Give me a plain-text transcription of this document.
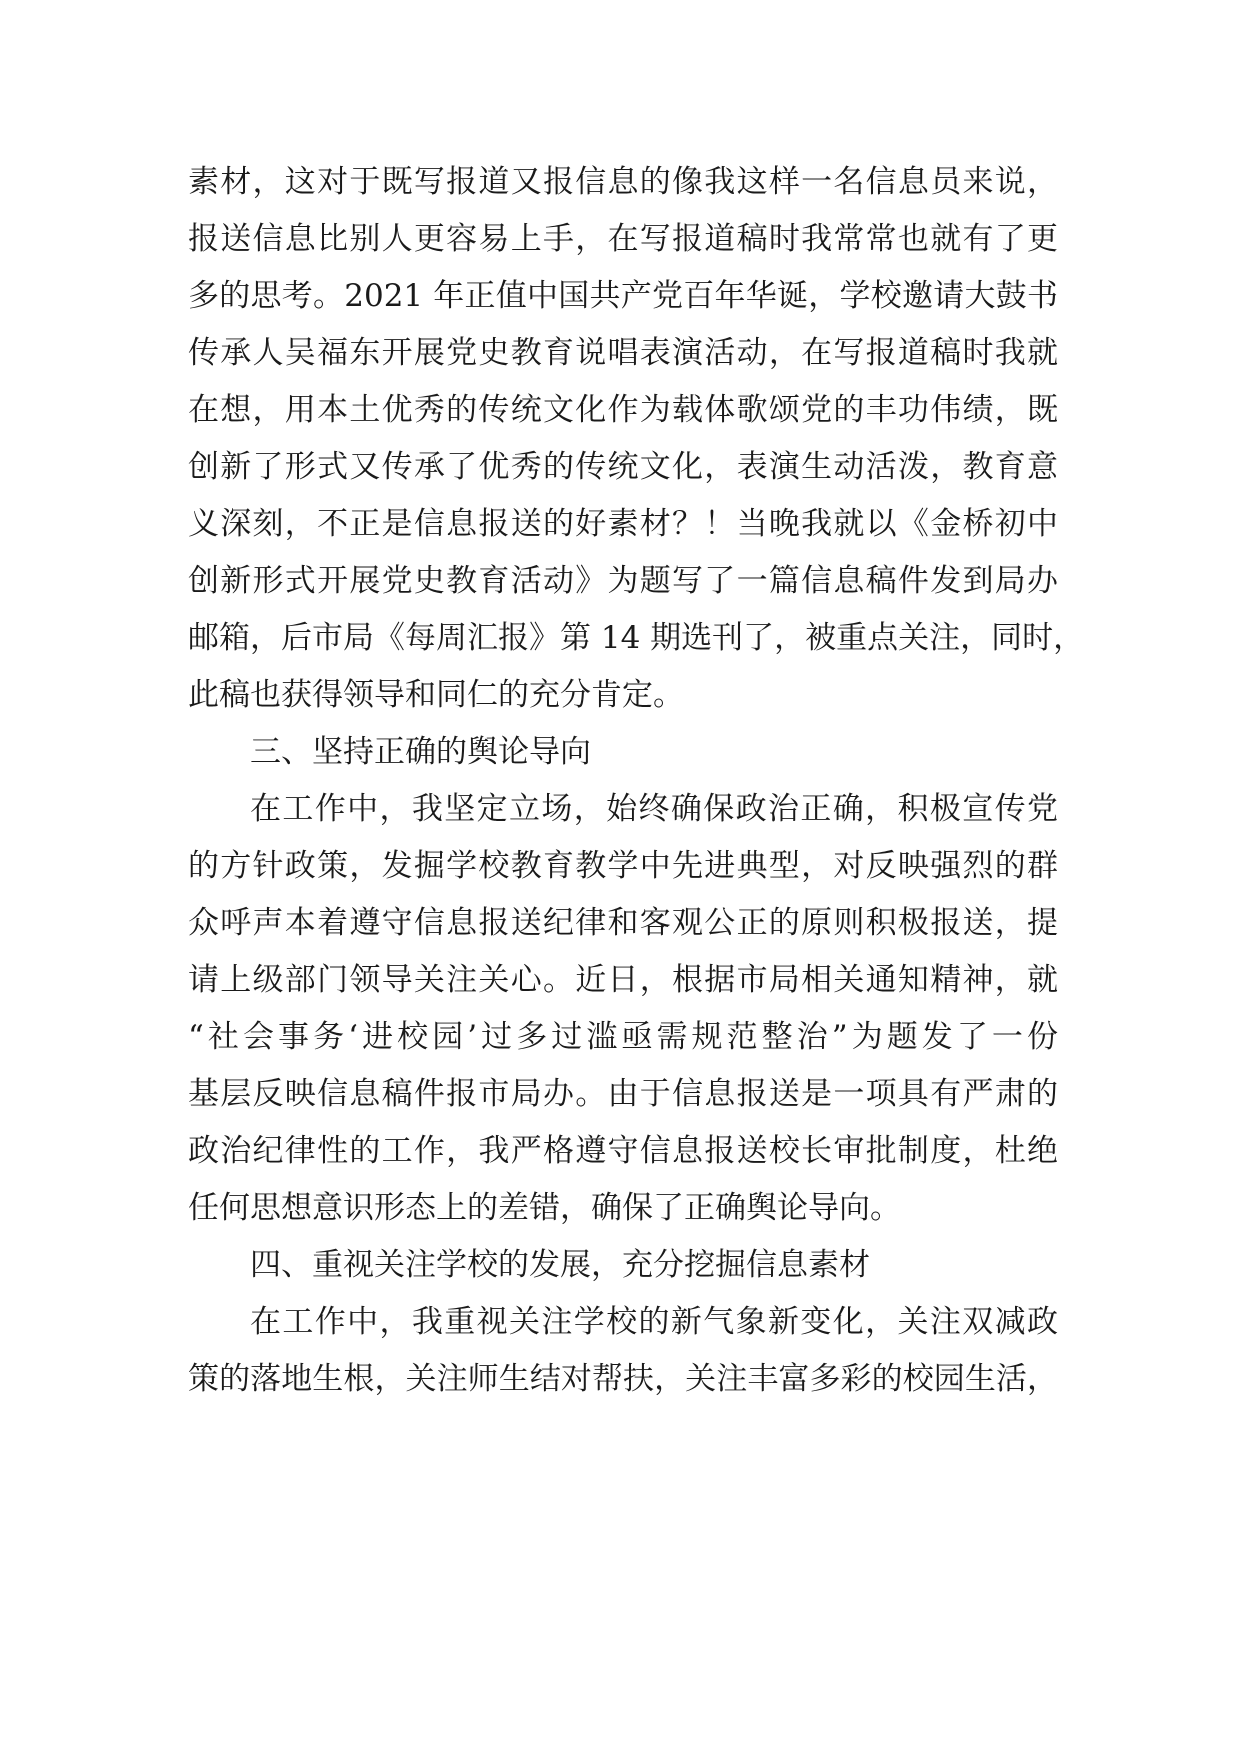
素材，这对于既写报道又报信息的像我这样一名信息员来说，
报送信息比别人更容易上手，在写报道稿时我常常也就有了更
多的思考。2021 年正值中国共产党百年华诞，学校邀请大鼓书
传承人吴福东开展党史教育说唱表演活动，在写报道稿时我就
在想，用本土优秀的传统文化作为载体歌颂党的丰功伟绩，既
创新了形式又传承了优秀的传统文化，表演生动活泼，教育意
义深刻，不正是信息报送的好素材？！当晚我就以《金桥初中
创新形式开展党史教育活动》为题写了一篇信息稿件发到局办
邮箱，后市局《每周汇报》第 14 期选刊了，被重点关注，同时，
此稿也获得领导和同仁的充分肯定。
三、坚持正确的舆论导向
在工作中，我坚定立场，始终确保政治正确，积极宣传党
的方针政策，发掘学校教育教学中先进典型，对反映强烈的群
众呼声本着遵守信息报送纪律和客观公正的原则积极报送，提
请上级部门领导关注关心。近日，根据市局相关通知精神，就
“社会事务‘进校园’过多过滥亟需规范整治”为题发了一份
基层反映信息稿件报市局办。由于信息报送是一项具有严肃的
政治纪律性的工作，我严格遵守信息报送校长审批制度，杜绝
任何思想意识形态上的差错，确保了正确舆论导向。
四、重视关注学校的发展，充分挖掘信息素材
在工作中，我重视关注学校的新气象新变化，关注双减政
策的落地生根，关注师生结对帮扶，关注丰富多彩的校园生活，
